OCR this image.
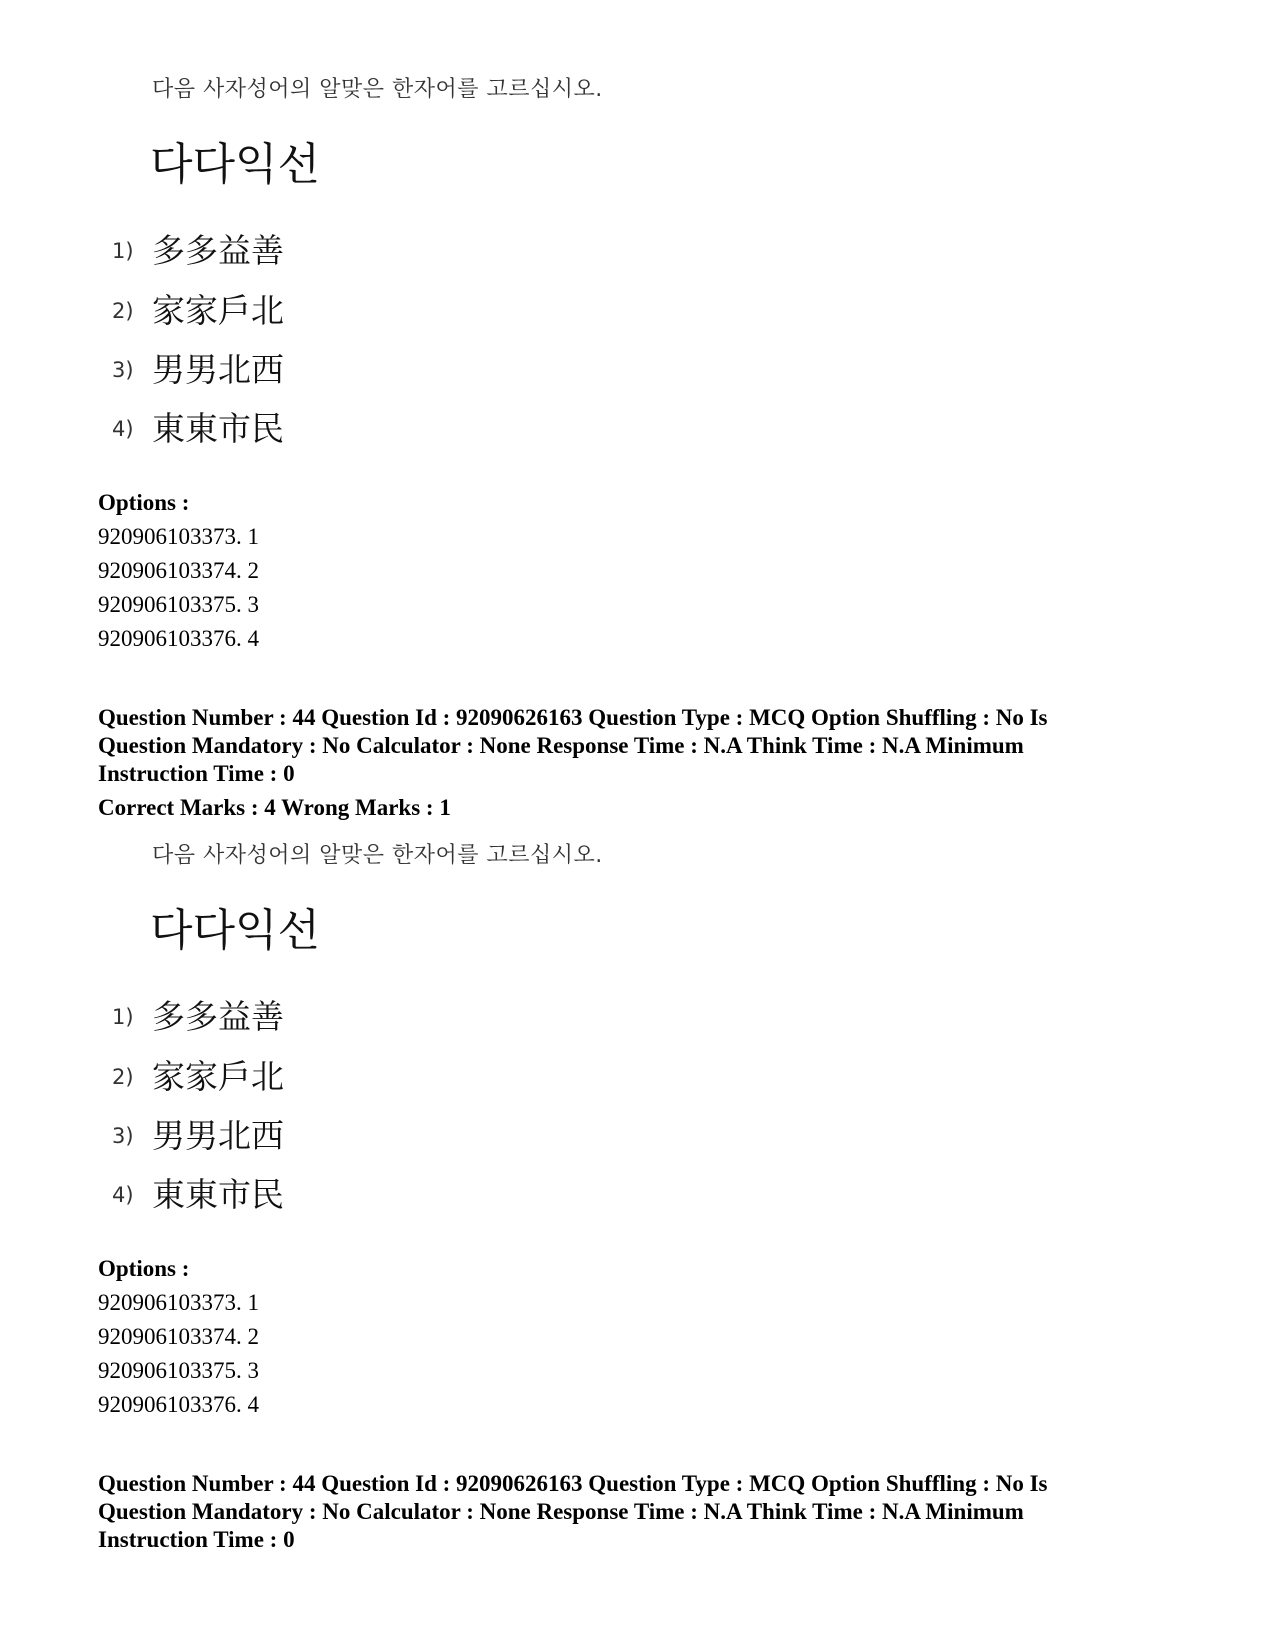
다음 사자성어의 알맞은 한자어를 고르십시오.
다다익선
1) 多多益善
2) 家家戶北
3) 男男北西
4) 東東市民
Options :
920906103373. 1
920906103374. 2
920906103375. 3
920906103376. 4
Question Number : 44 Question Id : 92090626163 Question Type : MCQ Option Shuffling : No Is
Question Mandatory : No Calculator : None Response Time : N.A Think Time : N.A Minimum
Instruction Time : 0
Correct Marks : 4 Wrong Marks : 1
다음 사자성어의 알맞은 한자어를 고르십시오.
다다익선
1) 多多益善
2) 家家戶北
3) 男男北西
4) 東東市民
Options :
920906103373. 1
920906103374. 2
920906103375. 3
920906103376. 4
Question Number : 44 Question Id : 92090626163 Question Type : MCQ Option Shuffling : No Is
Question Mandatory : No Calculator : None Response Time : N.A Think Time : N.A Minimum
Instruction Time : 0
